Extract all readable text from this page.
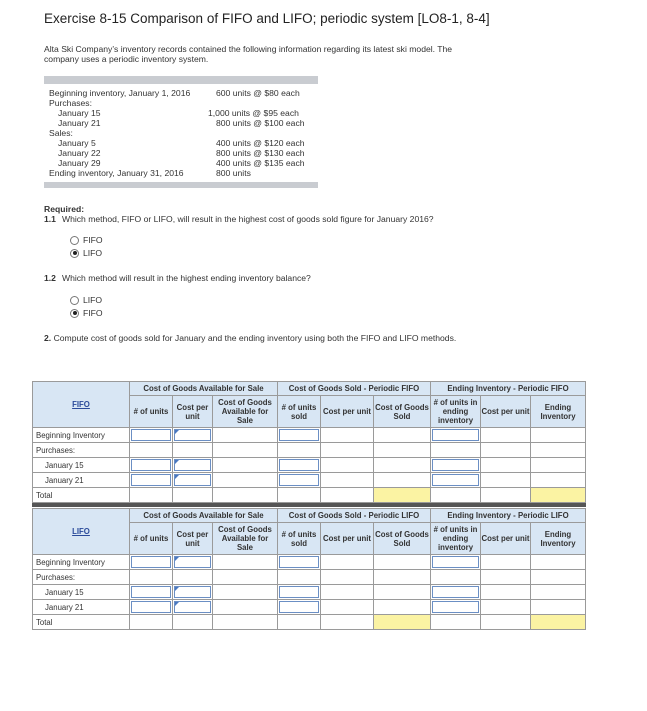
Exercise 8-15 Comparison of FIFO and LIFO; periodic system [LO8-1, 8-4]
Alta Ski Company’s inventory records contained the following information regarding its latest ski model. The company uses a periodic inventory system.
Beginning inventory, January 1, 2016	600 units @ $80 each
Purchases:
January 15	1,000 units @ $95 each
January 21	800 units @ $100 each
Sales:
January 5	400 units @ $120 each
January 22	800 units @ $130 each
January 29	400 units @ $135 each
Ending inventory, January 31, 2016	800 units
Required:
1.1 Which method, FIFO or LIFO, will result in the highest cost of goods sold figure for January 2016?
FIFO
LIFO
1.2 Which method will result in the highest ending inventory balance?
LIFO
FIFO
2. Compute cost of goods sold for January and the ending inventory using both the FIFO and LIFO methods.
FIFO	Cost of Goods Available for Sale			Cost of Goods Sold - Periodic FIFO			Ending Inventory - Periodic FIFO		
	# of units	Cost per unit	Cost of Goods Available for Sale	# of units sold	Cost per unit	Cost of Goods Sold	# of units in ending inventory	Cost per unit	Ending Inventory
Beginning Inventory									
Purchases:									
January 15									
January 21									
Total									

LIFO	Cost of Goods Available for Sale			Cost of Goods Sold - Periodic LIFO			Ending Inventory - Periodic LIFO		
	# of units	Cost per unit	Cost of Goods Available for Sale	# of units sold	Cost per unit	Cost of Goods Sold	# of units in ending inventory	Cost per unit	Ending Inventory
Beginning Inventory									
Purchases:									
January 15									
January 21									
Total									
